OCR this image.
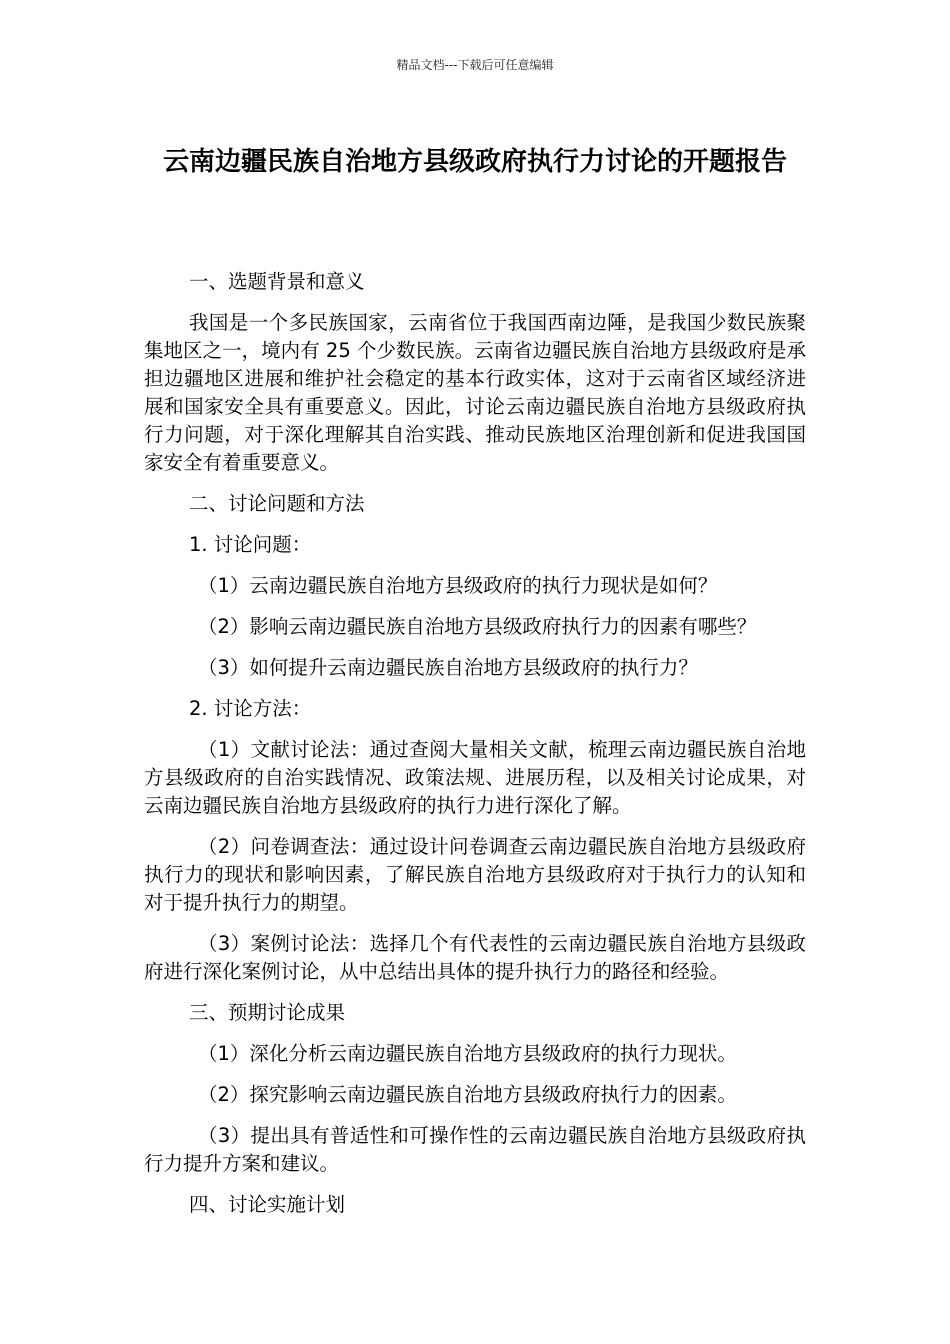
精品文档---下载后可任意编辑
云南边疆民族自治地方县级政府执行力讨论的开题报告

一、选题背景和意义

我国是一个多民族国家，云南省位于我国西南边陲，是我国少数民族聚集地区之一，境内有 25 个少数民族。云南省边疆民族自治地方县级政府是承担边疆地区进展和维护社会稳定的基本行政实体，这对于云南省区域经济进展和国家安全具有重要意义。因此，讨论云南边疆民族自治地方县级政府执行力问题，对于深化理解其自治实践、推动民族地区治理创新和促进我国国家安全有着重要意义。

二、讨论问题和方法

1. 讨论问题：

（1）云南边疆民族自治地方县级政府的执行力现状是如何？

（2）影响云南边疆民族自治地方县级政府执行力的因素有哪些？

（3）如何提升云南边疆民族自治地方县级政府的执行力？

2. 讨论方法：

（1）文献讨论法：通过查阅大量相关文献，梳理云南边疆民族自治地方县级政府的自治实践情况、政策法规、进展历程，以及相关讨论成果，对云南边疆民族自治地方县级政府的执行力进行深化了解。

（2）问卷调查法：通过设计问卷调查云南边疆民族自治地方县级政府执行力的现状和影响因素，了解民族自治地方县级政府对于执行力的认知和对于提升执行力的期望。

（3）案例讨论法：选择几个有代表性的云南边疆民族自治地方县级政府进行深化案例讨论，从中总结出具体的提升执行力的路径和经验。

三、预期讨论成果

（1）深化分析云南边疆民族自治地方县级政府的执行力现状。

（2）探究影响云南边疆民族自治地方县级政府执行力的因素。

（3）提出具有普适性和可操作性的云南边疆民族自治地方县级政府执行力提升方案和建议。

四、讨论实施计划
